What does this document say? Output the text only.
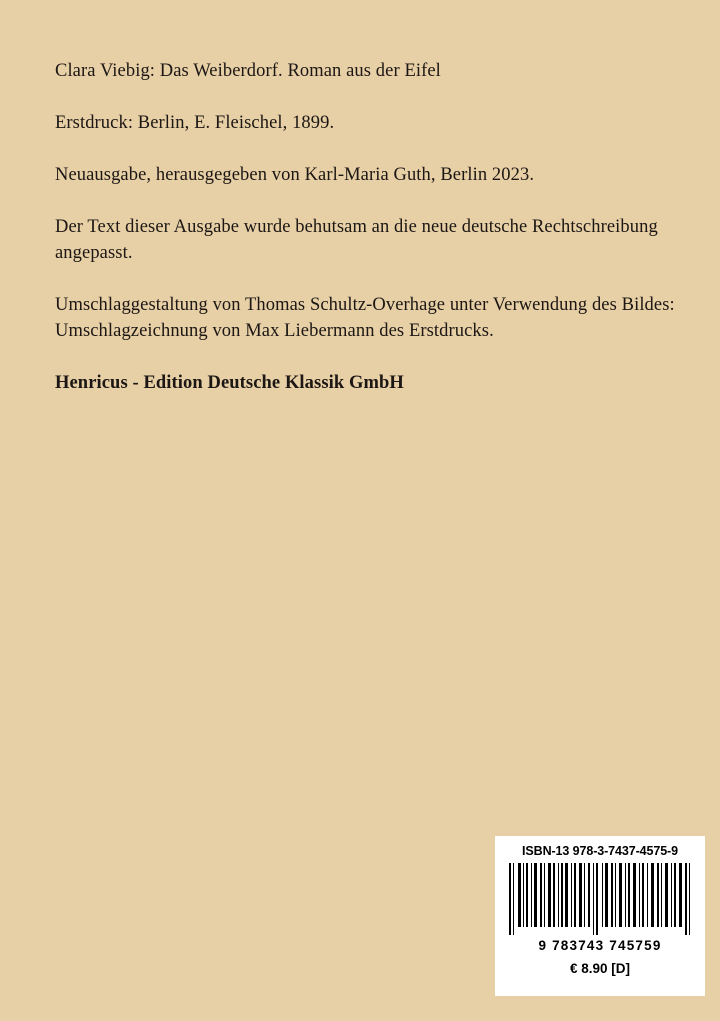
Clara Viebig: Das Weiberdorf. Roman aus der Eifel

Erstdruck: Berlin, E. Fleischel, 1899.

Neuausgabe, herausgegeben von Karl-Maria Guth, Berlin 2023.

Der Text dieser Ausgabe wurde behutsam an die neue deutsche Rechtschreibung angepasst.

Umschlaggestaltung von Thomas Schultz-Overhage unter Verwendung des Bildes: Umschlagzeichnung von Max Liebermann des Erstdrucks.

Henricus - Edition Deutsche Klassik GmbH

ISBN-13 978-3-7437-4575-9
9 783743 745759
€ 8.90 [D]
